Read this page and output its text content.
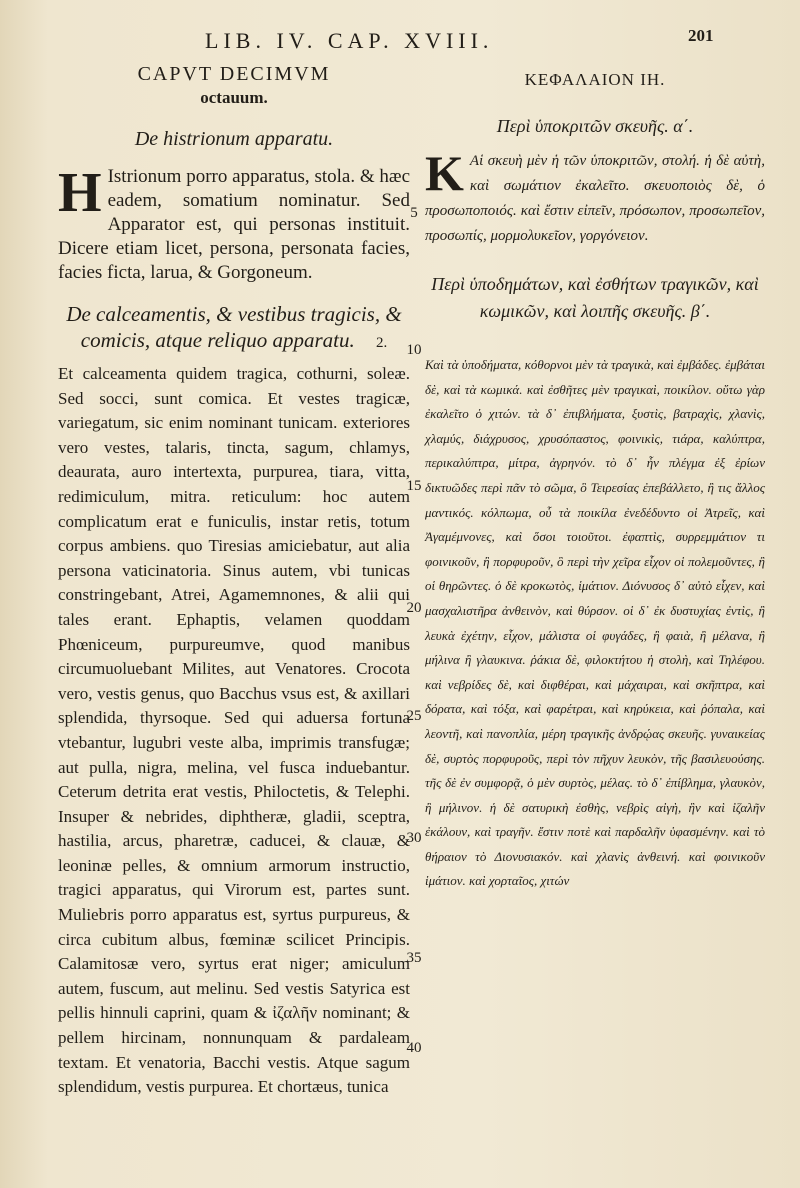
LIB. IV. CAP. XVIII.	201
CAPVT DECIMVM
octauum.
De histrionum apparatu.
H Istrionum porro apparatus, stola. & hæc eadem, somatium nominatur. Sed Apparator est, qui personas instituit. Dicere etiam licet, persona, personata facies, facies ficta, larua, & Gorgoneum.
De calceamentis, & vestibus tragicis, & comicis, atque reliquo apparatu. 2.
Et calceamenta quidem tragica, cothurni, soleæ. Sed socci, sunt comica. Et vestes tragicæ, variegatum, sic enim nominant tunicam. exteriores vero vestes, talaris, tincta, sagum, chlamys, deaurata, auro intertexta, purpurea, tiara, vitta, redimiculum, mitra. reticulum: hoc autem complicatum erat e funiculis, instar retis, totum corpus ambiens. quo Tiresias amiciebatur, aut alia persona vaticinatoria. Sinus autem, vbi tunicas constringebant, Atrei, Agamemnones, & alii qui tales erant. Ephaptis, velamen quoddam Phœniceum, purpureumve, quod manibus circumuoluebant Milites, aut Venatores. Crocota vero, vestis genus, quo Bacchus vsus est, & axillari splendida, thyrsoque. Sed qui aduersa fortuna vtebantur, lugubri veste alba, imprimis transfugæ; aut pulla, nigra, melina, vel fusca induebantur. Ceterum detrita erat vestis, Philoctetis, & Telephi. Insuper & nebrides, diphtheræ, gladii, sceptra, hastilia, arcus, pharetræ, caducei, & clauæ, & leoninæ pelles, & omnium armorum instructio, tragici apparatus, qui Virorum est, partes sunt. Muliebris porro apparatus est, syrtus purpureus, & circa cubitum albus, fœminæ scilicet Principis. Calamitosæ vero, syrtus erat niger; amiculum autem, fuscum, aut melinu. Sed vestis Satyrica est pellis hinnuli caprini, quam & ἰζαλῆν nominant; & pellem hircinam, nonnunquam & pardaleam textam. Et venatoria, Bacchi vestis. Atque sagum splendidum, vestis purpurea. Et chortæus, tunica
5
10
15
20
25
30
35
40
ΚΕΦΑΛΑΙΟΝ ΙΗ.
Περὶ ὑποκριτῶν σκευῆς. α΄.
Κ Αἱ σκευὴ μὲν ἡ τῶν ὑποκριτῶν, στολή. ἡ δὲ αὐτὴ, καὶ σωμάτιον ἐκαλεῖτο. σκευοποιὸς δὲ, ὁ προσωποποιός. καὶ ἔστιν εἰπεῖν, πρόσωπον, προσωπεῖον, προσωπίς, μορμολυκεῖον, γοργόνειον.
Περὶ ὑποδημάτων, καὶ ἐσθήτων τραγικῶν, καὶ κωμικῶν, καὶ λοιπῆς σκευῆς. β΄.
Καὶ τὰ ὑποδήματα, κόθορνοι μὲν τὰ τραγικὰ, καὶ ἐμβάδες. ἐμβάται δὲ, καὶ τὰ κωμικά. καὶ ἐσθῆτες μὲν τραγικαὶ, ποικίλον. οὕτω γὰρ ἐκαλεῖτο ὁ χιτών. τὰ δ᾽ ἐπιβλήματα, ξυστὶς, βατραχὶς, χλανὶς, χλαμύς, διάχρυσος, χρυσόπαστος, φοινικὶς, τιάρα, καλύπτρα, περικαλύπτρα, μίτρα, ἀγρηνόν. τὸ δ᾽ ἦν πλέγμα ἐξ ἐρίων δικτυῶδες περὶ πᾶν τὸ σῶμα, ὃ Τειρεσίας ἐπεβάλλετο, ἢ τις ἄλλος μαντικός. κόλπωμα, οὗ τὰ ποικίλα ἐνεδέδυντο οἱ Ἀτρεῖς, καὶ Ἀγαμέμνονες, καὶ ὅσοι τοιοῦτοι. ἐφαπτὶς, συρρεμμάτιον τι φοινικοῦν, ἢ πορφυροῦν, ὃ περὶ τὴν χεῖρα εἶχον οἱ πολεμοῦντες, ἢ οἱ θηρῶντες. ὁ δὲ κροκωτὸς, ἱμάτιον. Διόνυσος δ᾽ αὐτὸ εἶχεν, καὶ μασχαλιστῆρα ἀνθεινὸν, καὶ θύρσον. οἱ δ᾽ ἐκ δυστυχίας ἐντὶς, ἢ λευκὰ ἐχέτην, εἶχον, μάλιστα οἱ φυγάδες, ἢ φαιὰ, ἢ μέλανα, ἢ μήλινα ἢ γλαυκινα. ῥάκια δὲ, φιλοκτήτου ἡ στολὴ, καὶ Τηλέφου. καὶ νεβρίδες δὲ, καὶ διφθέραι, καὶ μάχαιραι, καὶ σκῆπτρα, καὶ δόρατα, καὶ τόξα, καὶ φαρέτραι, καὶ κηρύκεια, καὶ ῥόπαλα, καὶ λεοντῆ, καὶ πανοπλία, μέρη τραγικῆς ἀνδρῴας σκευῆς. γυναικείας δὲ, συρτὸς πορφυροῦς, περὶ τὸν πῆχυν λευκὸν, τῆς βασιλευούσης. τῆς δὲ ἐν συμφορᾷ, ὁ μὲν συρτὸς, μέλας. τὸ δ᾽ ἐπίβλημα, γλαυκὸν, ἢ μήλινον. ἡ δὲ σατυρικὴ ἐσθὴς, νεβρὶς αἰγὴ, ἣν καὶ ἰζαλῆν ἐκάλουν, καὶ τραγῆν. ἔστιν ποτὲ καὶ παρδαλῆν ὑφασμένην. καὶ τὸ θήραιον τὸ Διονυσιακόν. καὶ χλανὶς ἀνθεινή. καὶ φοινικοῦν ἱμάτιον. καὶ χορταῖος, χιτών
